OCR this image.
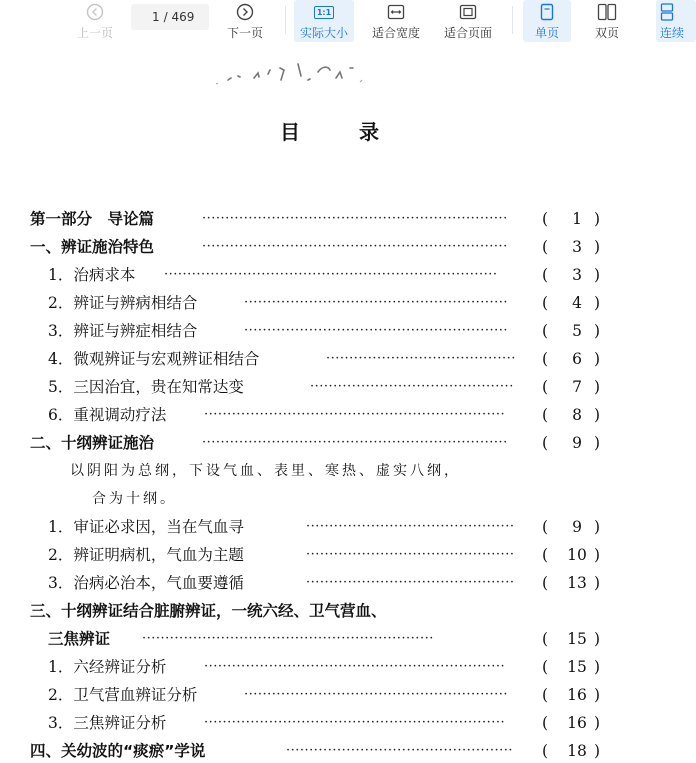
上一页
1
/ 469
下一页
1:1
实际大小 适合宽度 适合页面	单页	双页	连续
目	录
第一部分　导论篇	··································································	(	1 )
一、辨证施治特色	··································································	(	3 )
1．治病求本 ········································································	(	3 )
2．辨证与辨病相结合	·························································	(	4 )
3．辨证与辨症相结合	·························································	(	5 )
4．微观辨证与宏观辨证相结合	·········································	(	6 )
5．三因治宜，贵在知常达变	············································	(	7 )
6．重视调动疗法	·································································	(	8 )
二、十纲辨证施治	··································································	(	9 )
以阴阳为总纲，下设气血、表里、寒热、虚实八纲，
合为十纲。
1．审证必求因，当在气血寻	·············································	(	9 )
2．辨证明病机，气血为主题	·············································	(	10 )
3．治病必治本，气血要遵循	·············································	(	13 )
三、十纲辨证结合脏腑辨证，一统六经、卫气营血、
三焦辨证 ·······························································	(	15 )
1．六经辨证分析	·································································	(	15 )
2．卫气营血辨证分析	·························································	(	16 )
3．三焦辨证分析	·································································	(	16 )
四、关幼波的“痰瘀”学说	·················································	(	18 )
